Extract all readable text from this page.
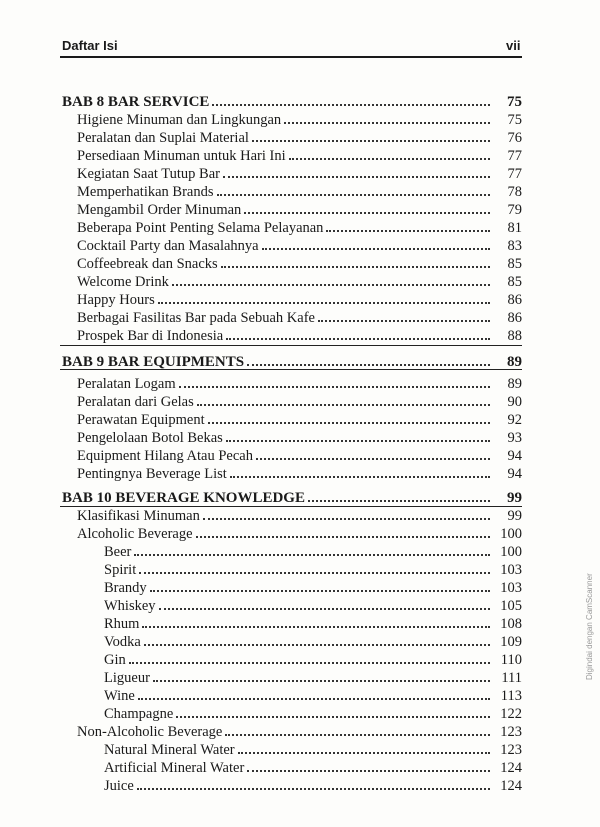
Daftar Isi	vii
BAB 8 BAR SERVICE	75
Higiene Minuman dan Lingkungan	75
Peralatan dan Suplai Material	76
Persediaan Minuman untuk Hari Ini	77
Kegiatan Saat Tutup Bar	77
Memperhatikan Brands	78
Mengambil Order Minuman	79
Beberapa Point Penting Selama Pelayanan	81
Cocktail Party dan Masalahnya	83
Coffeebreak dan Snacks	85
Welcome Drink	85
Happy Hours	86
Berbagai Fasilitas Bar pada Sebuah Kafe	86
Prospek Bar di Indonesia	88
BAB 9 BAR EQUIPMENTS	89
Peralatan Logam	89
Peralatan dari Gelas	90
Perawatan Equipment	92
Pengelolaan Botol Bekas	93
Equipment Hilang Atau Pecah	94
Pentingnya Beverage List	94
BAB 10 BEVERAGE KNOWLEDGE	99
Klasifikasi Minuman	99
Alcoholic Beverage	100
Beer	100
Spirit	103
Brandy	103
Whiskey	105
Rhum	108
Vodka	109
Gin	110
Ligueur	111
Wine	113
Champagne	122
Non-Alcoholic Beverage	123
Natural Mineral Water	123
Artificial Mineral Water	124
Juice	124
Digindai dengan CamScanner
